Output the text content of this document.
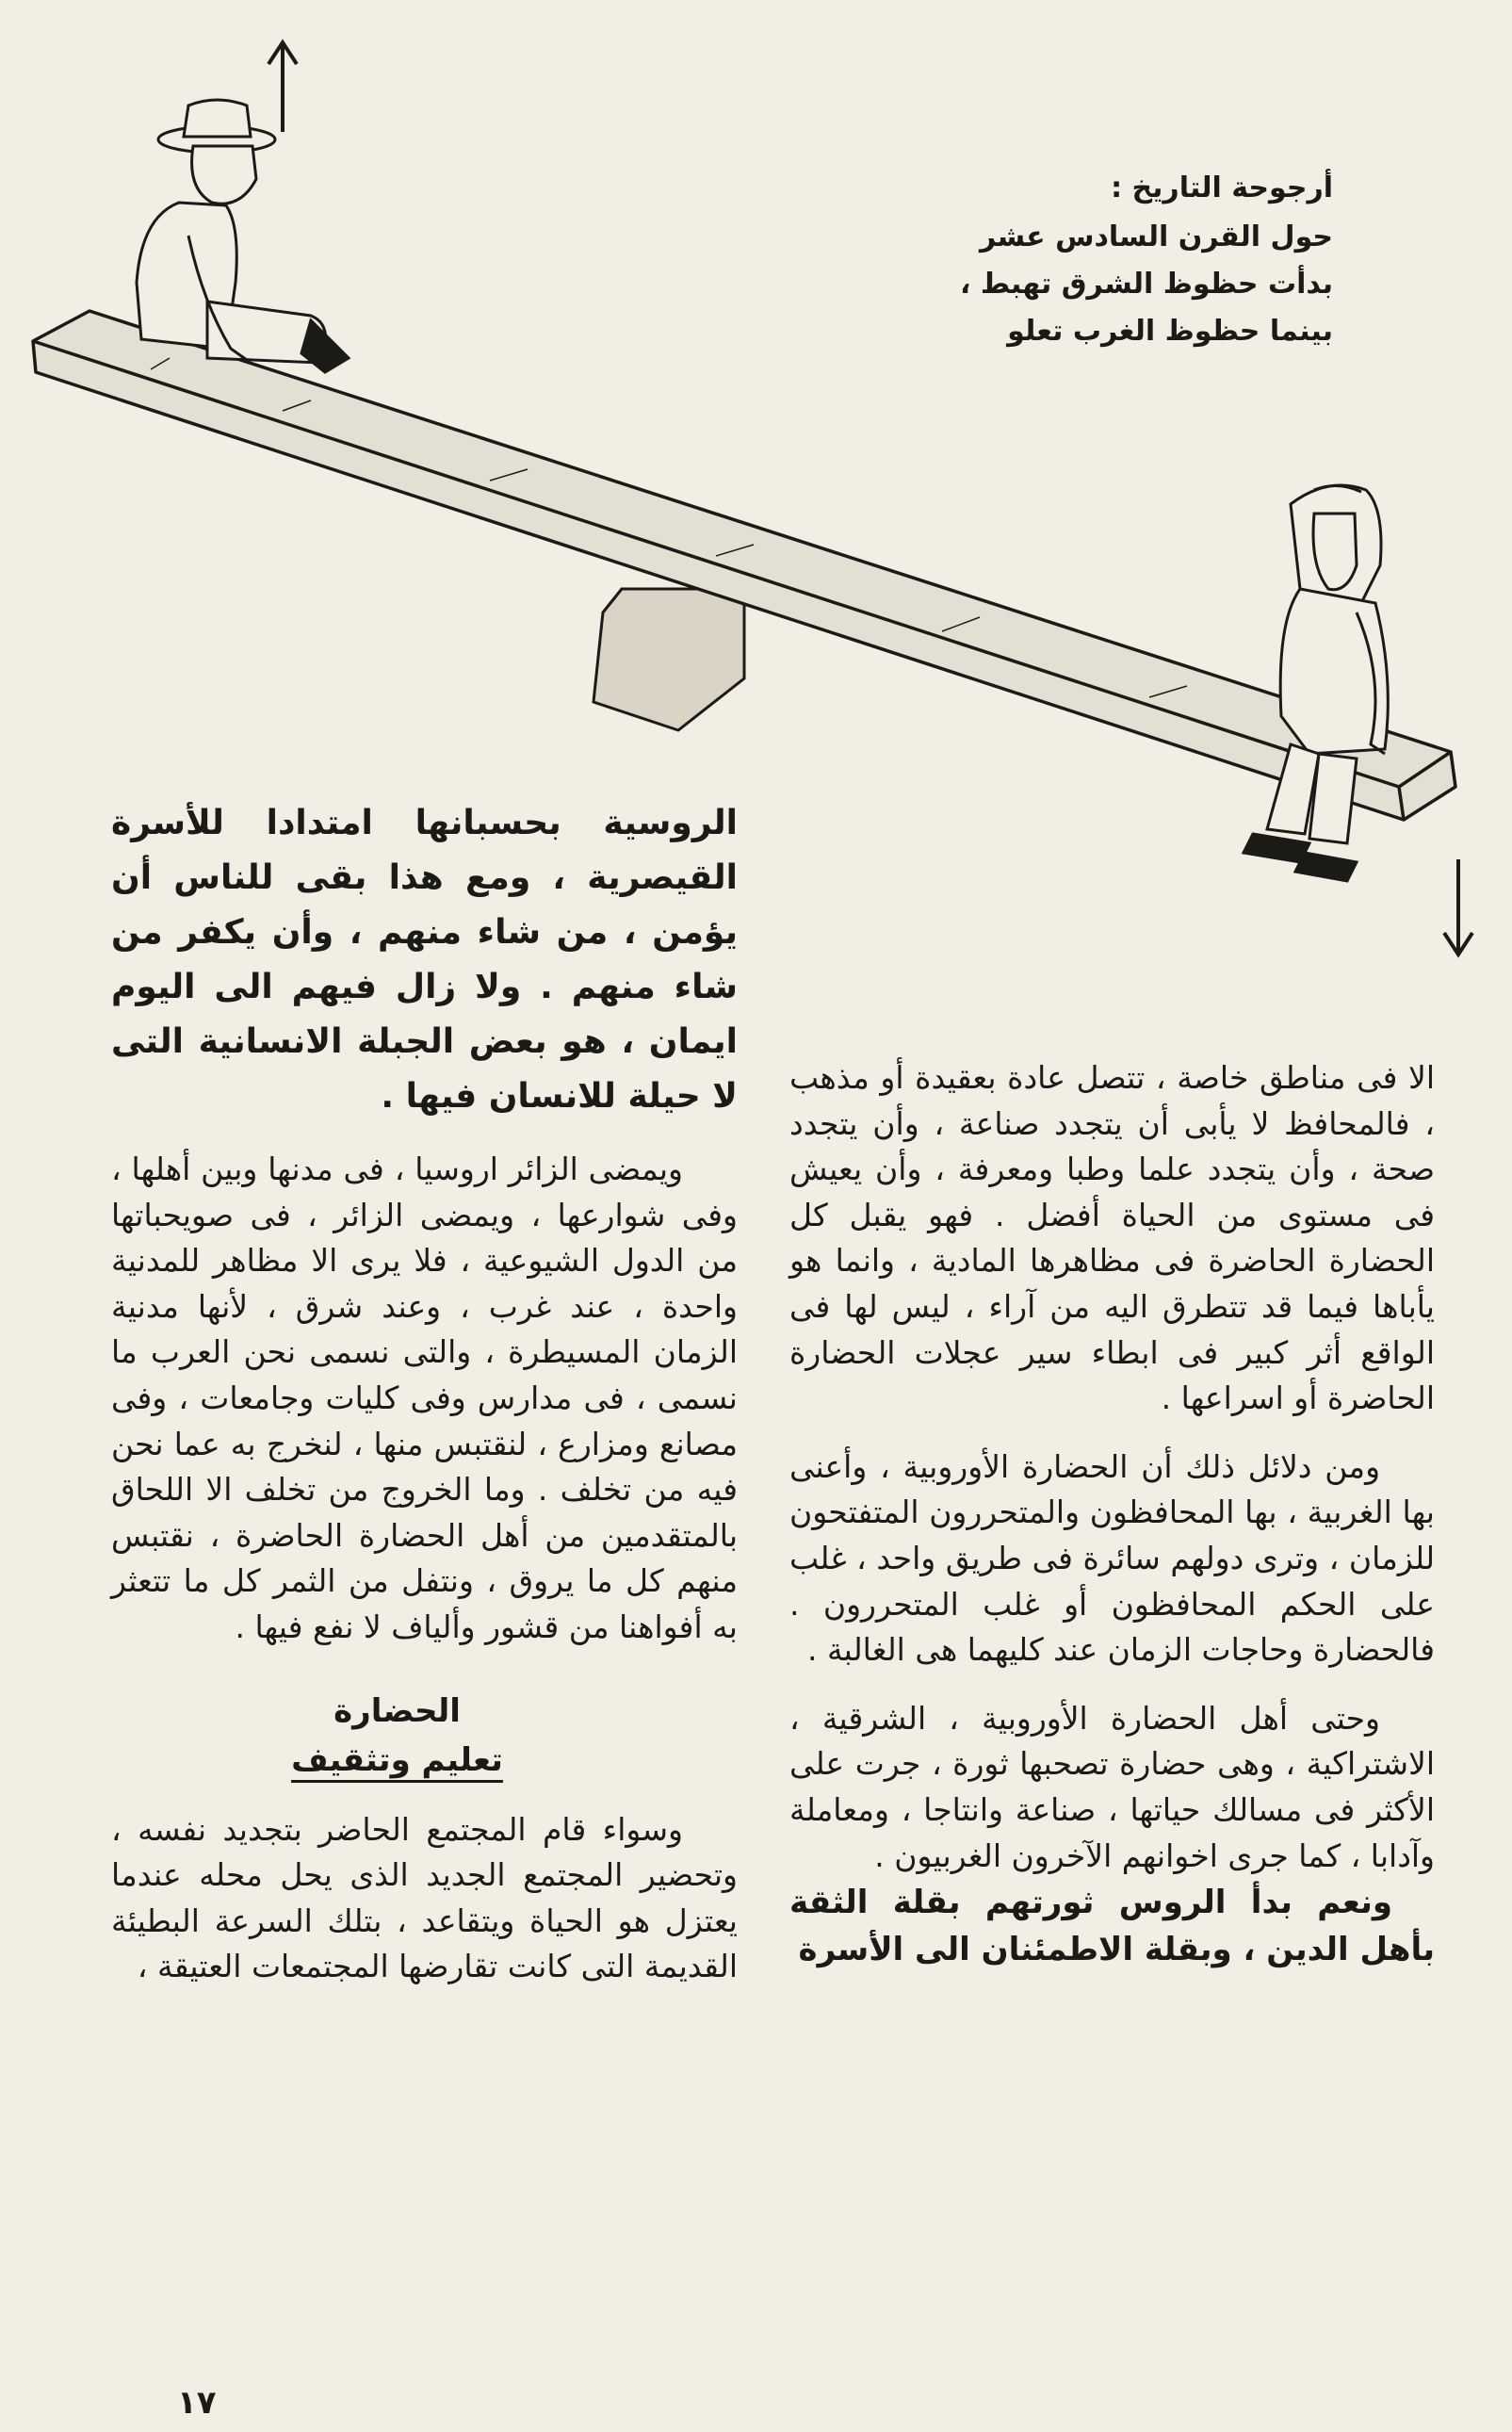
أرجوحة التاريخ :
حول القرن السادس عشر
بدأت حظوظ الشرق تهبط ،
بينما حظوظ الغرب تعلو

الروسية بحسبانها امتدادا للأسرة القيصرية ، ومع هذا بقى للناس أن يؤمن ، من شاء منهم ، وأن يكفر من شاء منهم . ولا زال فيهم الى اليوم ايمان ، هو بعض الجبلة الانسانية التى لا حيلة للانسان فيها .

ويمضى الزائر اروسيا ، فى مدنها وبين أهلها ، وفى شوارعها ، ويمضى الزائر ، فى صويحباتها من الدول الشيوعية ، فلا يرى الا مظاهر للمدنية واحدة ، عند غرب ، وعند شرق ، لأنها مدنية الزمان المسيطرة ، والتى نسمى نحن العرب ما نسمى ، فى مدارس وفى كليات وجامعات ، وفى مصانع ومزارع ، لنقتبس منها ، لنخرج به عما نحن فيه من تخلف . وما الخروج من تخلف الا اللحاق بالمتقدمين من أهل الحضارة الحاضرة ، نقتبس منهم كل ما يروق ، ونتفل من الثمر كل ما تتعثر به أفواهنا من قشور وألياف لا نفع فيها .

الحضارة

تعليم وتثقيف

وسواء قام المجتمع الحاضر بتجديد نفسه ، وتحضير المجتمع الجديد الذى يحل محله عندما يعتزل هو الحياة ويتقاعد ، بتلك السرعة البطيئة القديمة التى كانت تقارضها المجتمعات العتيقة ،

الا فى مناطق خاصة ، تتصل عادة بعقيدة أو مذهب ، فالمحافظ لا يأبى أن يتجدد صناعة ، وأن يتجدد صحة ، وأن يتجدد علما وطبا ومعرفة ، وأن يعيش فى مستوى من الحياة أفضل . فهو يقبل كل الحضارة الحاضرة فى مظاهرها المادية ، وانما هو يأباها فيما قد تتطرق اليه من آراء ، ليس لها فى الواقع أثر كبير فى ابطاء سير عجلات الحضارة الحاضرة أو اسراعها .

ومن دلائل ذلك أن الحضارة الأوروبية ، وأعنى بها الغربية ، بها المحافظون والمتحررون المتفتحون للزمان ، وترى دولهم سائرة فى طريق واحد ، غلب على الحكم المحافظون أو غلب المتحررون . فالحضارة وحاجات الزمان عند كليهما هى الغالبة .

وحتى أهل الحضارة الأوروبية ، الشرقية ، الاشتراكية ، وهى حضارة تصحبها ثورة ، جرت على الأكثر فى مسالك حياتها ، صناعة وانتاجا ، ومعاملة وآدابا ، كما جرى اخوانهم الآخرون الغربيون .

ونعم بدأ الروس ثورتهم بقلة الثقة بأهل الدين ، وبقلة الاطمئنان الى الأسرة

١٧
